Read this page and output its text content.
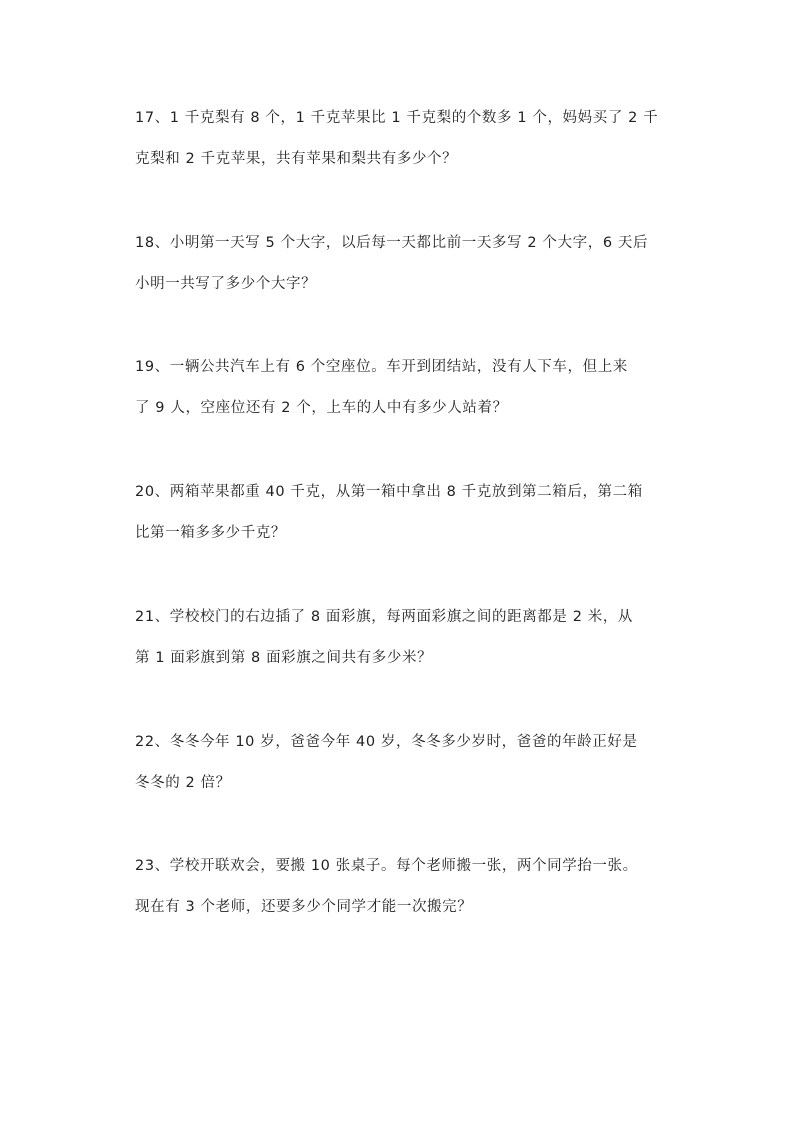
17、1 千克梨有 8 个，1 千克苹果比 1 千克梨的个数多 1 个，妈妈买了 2 千
克梨和 2 千克苹果，共有苹果和梨共有多少个？
18、小明第一天写 5 个大字，以后每一天都比前一天多写 2 个大字，6 天后
小明一共写了多少个大字？
19、一辆公共汽车上有 6 个空座位。车开到团结站，没有人下车，但上来
了 9 人，空座位还有 2 个，上车的人中有多少人站着？
20、两箱苹果都重 40 千克，从第一箱中拿出 8 千克放到第二箱后，第二箱
比第一箱多多少千克？
21、学校校门的右边插了 8 面彩旗，每两面彩旗之间的距离都是 2 米，从
第 1 面彩旗到第 8 面彩旗之间共有多少米？
22、冬冬今年 10 岁，爸爸今年 40 岁，冬冬多少岁时，爸爸的年龄正好是
冬冬的 2 倍？
23、学校开联欢会，要搬 10 张桌子。每个老师搬一张，两个同学抬一张。
现在有 3 个老师，还要多少个同学才能一次搬完？
